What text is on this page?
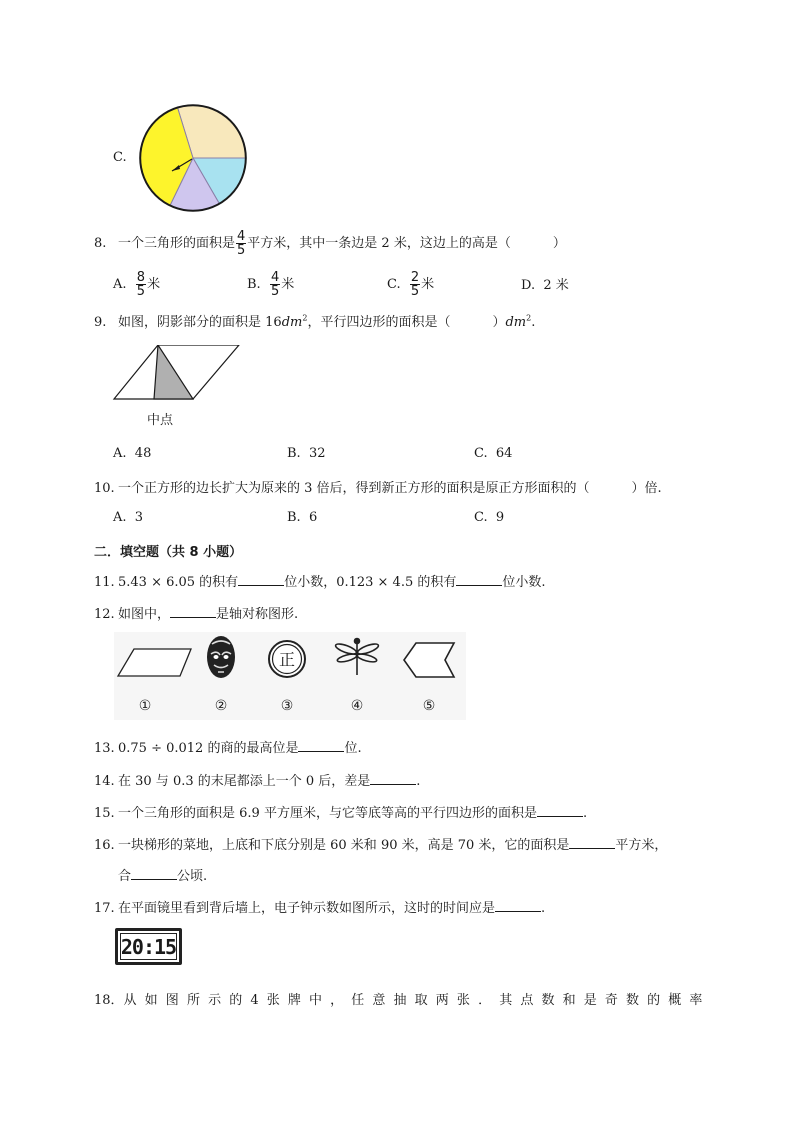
C.
8. 一个三角形的面积是 $\frac{4}{5}$ 平方米，其中一条边是 2 米，这边上的高是（	）
A. $\frac{8}{5}$ 米	B. $\frac{4}{5}$ 米	C. $\frac{2}{5}$ 米	D. 2 米
9. 如图，阴影部分的面积是 $16dm^2$，平行四边形的面积是（	）$dm^2$.
中点
A. 48	B. 32	C. 64
10. 一个正方形的边长扩大为原来的 3 倍后，得到新正方形的面积是原正方形面积的（	）倍.
A. 3	B. 6	C. 9
二．填空题（共 8 小题）
11. 5.43 × 6.05 的积有	位小数，0.123 × 4.5 的积有	位小数.
12. 如图中，	是轴对称图形.
正
①	②	③	④	⑤
13. 0.75 ÷ 0.012 的商的最高位是	位.
14. 在 30 与 0.3 的末尾都添上一个 0 后，差是	.
15. 一个三角形的面积是 6.9 平方厘米，与它等底等高的平行四边形的面积是	.
16. 一块梯形的菜地，上底和下底分别是 60 米和 90 米，高是 70 米，它的面积是	平方米，
合	公顷.
17. 在平面镜里看到背后墙上，电子钟示数如图所示，这时的时间应是	.
20:15
18．从 如 图 所 示 的 4 张 牌 中 ， 任 意 抽 取 两 张 ． 其 点 数 和 是 奇 数 的 概 率
